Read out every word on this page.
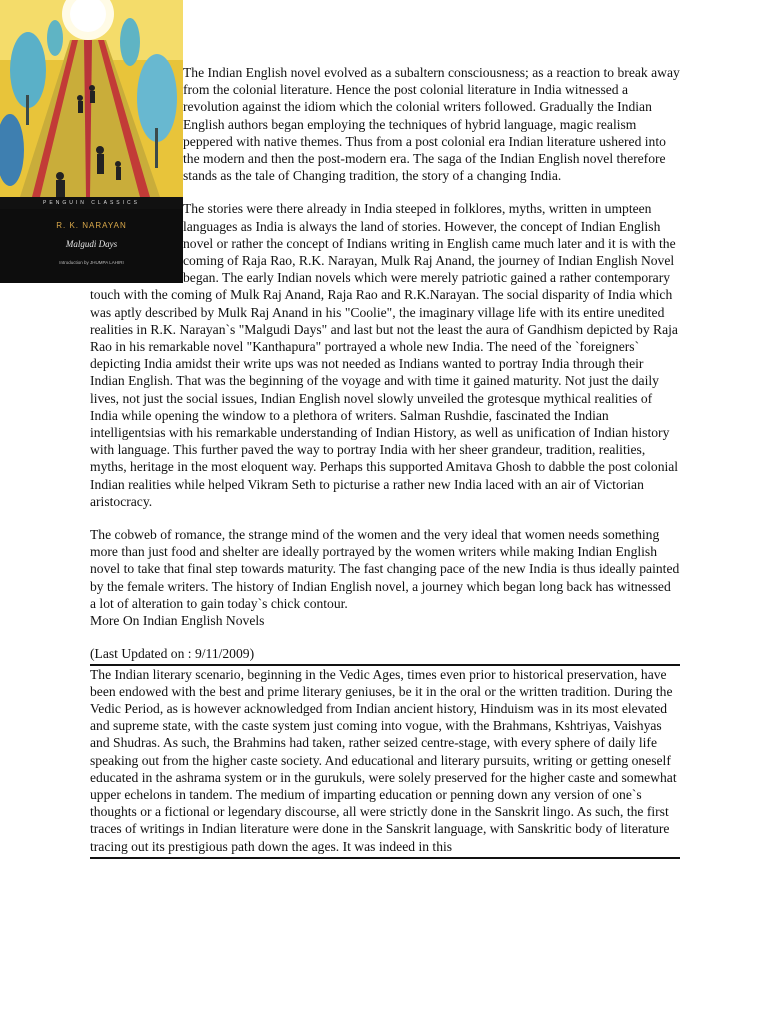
PENGUIN CLASSICS
R. K. NARAYAN
Malgudi Days
Introduction by JHUMPA LAHIRI

The Indian English novel evolved as a subaltern consciousness; as a reaction to break away from the colonial literature. Hence the post colonial literature in India witnessed a revolution against the idiom which the colonial writers followed. Gradually the Indian English authors began employing the techniques of hybrid language, magic realism peppered with native themes. Thus from a post colonial era Indian literature ushered into the modern and then the post-modern era. The saga of the Indian English novel therefore stands as the tale of Changing tradition, the story of a changing India.

The stories were there already in India steeped in folklores, myths, written in umpteen languages as India is always the land of stories. However, the concept of Indian English novel or rather the concept of Indians writing in English came much later and it is with the coming of Raja Rao, R.K. Narayan, Mulk Raj Anand, the journey of Indian English Novel began. The early Indian novels which were merely patriotic gained a rather contemporary touch with the coming of Mulk Raj Anand, Raja Rao and R.K.Narayan. The social disparity of India which was aptly described by Mulk Raj Anand in his "Coolie", the imaginary village life with its entire unedited realities in R.K. Narayan`s "Malgudi Days" and last but not the least the aura of Gandhism depicted by Raja Rao in his remarkable novel "Kanthapura" portrayed a whole new India. The need of the `foreigners` depicting India amidst their write ups was not needed as Indians wanted to portray India through their Indian English. That was the beginning of the voyage and with time it gained maturity. Not just the daily lives, not just the social issues, Indian English novel slowly unveiled the grotesque mythical realities of India while opening the window to a plethora of writers. Salman Rushdie, fascinated the Indian intelligentsias with his remarkable understanding of Indian History, as well as unification of Indian history with language. This further paved the way to portray India with her sheer grandeur, tradition, realities, myths, heritage in the most eloquent way. Perhaps this supported Amitava Ghosh to dabble the post colonial Indian realities while helped Vikram Seth to picturise a rather new India laced with an air of Victorian aristocracy.

The cobweb of romance, the strange mind of the women and the very ideal that women needs something more than just food and shelter are ideally portrayed by the women writers while making Indian English novel to take that final step towards maturity. The fast changing pace of the new India is thus ideally painted by the female writers. The history of Indian English novel, a journey which began long back has witnessed a lot of alteration to gain today`s chick contour.

More On Indian English Novels
(Last Updated on : 9/11/2009)

The Indian literary scenario, beginning in the Vedic Ages, times even prior to historical preservation, have been endowed with the best and prime literary geniuses, be it in the oral or the written tradition. During the Vedic Period, as is however acknowledged from Indian ancient history, Hinduism was in its most elevated and supreme state, with the caste system just coming into vogue, with the Brahmans, Kshtriyas, Vaishyas and Shudras. As such, the Brahmins had taken, rather seized centre-stage, with every sphere of daily life speaking out from the higher caste society. And educational and literary pursuits, writing or getting oneself educated in the ashrama system or in the gurukuls, were solely preserved for the higher caste and somewhat upper echelons in tandem. The medium of imparting education or penning down any version of one`s thoughts or a fictional or legendary discourse, all were strictly done in the Sanskrit lingo. As such, the first traces of writings in Indian literature were done in the Sanskrit language, with Sanskritic body of literature tracing out its prestigious path down the ages. It was indeed in this
